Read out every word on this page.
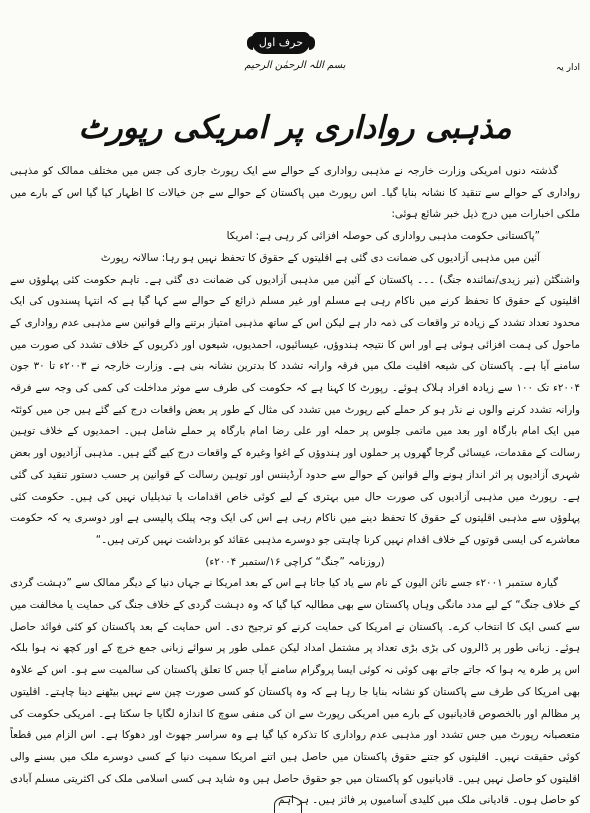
حرف اول
بسم اللہ الرحمٰن الرحیم	ادار یہ
مذہبی رواداری پر امریکی رپورٹ

گذشتہ دنوں امریکی وزارت خارجہ نے مذہبی رواداری کے حوالے سے ایک رپورٹ جاری کی جس میں مختلف ممالک کو مذہبی رواداری کے حوالے سے تنقید کا نشانہ بنایا گیا۔ اس رپورٹ میں پاکستان کے حوالے سے جن خیالات کا اظہار کیا گیا اس کے بارے میں ملکی اخبارات میں درج ذیل خبر شائع ہوئی:

”پاکستانی حکومت مذہبی رواداری کی حوصلہ افزائی کر رہی ہے: امریکا

آئین میں مذہبی آزادیوں کی ضمانت دی گئی ہے اقلیتوں کے حقوق کا تحفظ نہیں ہو رہا: سالانہ رپورٹ

واشنگٹن (نیر زیدی/نمائندہ جنگ) ۔۔۔ پاکستان کے آئین میں مذہبی آزادیوں کی ضمانت دی گئی ہے۔ تاہم حکومت کئی پہلوؤں سے اقلیتوں کے حقوق کا تحفظ کرنے میں ناکام رہی ہے مسلم اور غیر مسلم ذرائع کے حوالے سے کہا گیا ہے کہ انتہا پسندوں کی ایک محدود تعداد تشدد کے زیادہ تر واقعات کی ذمہ دار ہے لیکن اس کے ساتھ مذہبی امتیاز برتنے والے قوانین سے مذہبی عدم رواداری کے ماحول کی ہمت افزائی ہوئی ہے اور اس کا نتیجہ ہندوؤں، عیسائیوں، احمدیوں، شیعوں اور ذکریوں کے خلاف تشدد کی صورت میں سامنے آیا ہے۔ پاکستان کی شیعہ اقلیت ملک میں فرقہ وارانہ تشدد کا بدترین نشانہ بنی ہے۔ وزارت خارجہ نے ۲۰۰۳ء تا ۳۰ جون ۲۰۰۴ء تک ۱۰۰ سے زیادہ افراد ہلاک ہوئے۔ رپورٹ کا کہنا ہے کہ حکومت کی طرف سے موثر مداخلت کی کمی کی وجہ سے فرقہ وارانہ تشدد کرنے والوں نے نڈر ہو کر حملے کیے رپورٹ میں تشدد کی مثال کے طور پر بعض واقعات درج کیے گئے ہیں جن میں کوئٹہ میں ایک امام بارگاہ اور بعد میں ماتمی جلوس پر حملہ اور علی رضا امام بارگاہ پر حملے شامل ہیں۔ احمدیوں کے خلاف توہین رسالت کے مقدمات، عیسائی گرجا گھروں پر حملوں اور ہندوؤں کے اغوا وغیرہ کے واقعات درج کیے گئے ہیں۔ مذہبی آزادیوں اور بعض شہری آزادیوں پر اثر انداز ہونے والے قوانین کے حوالے سے حدود آرڈیننس اور توہین رسالت کے قوانین پر حسب دستور تنقید کی گئی ہے۔ رپورٹ میں مذہبی آزادیوں کی صورت حال میں بہتری کے لیے کوئی خاص اقدامات یا تبدیلیاں نہیں کی ہیں۔ حکومت کئی پہلوؤں سے مذہبی اقلیتوں کے حقوق کا تحفظ دینے میں ناکام رہی ہے اس کی ایک وجہ پبلک پالیسی ہے اور دوسری یہ کہ حکومت معاشرے کی ایسی قوتوں کے خلاف اقدام نہیں کرنا چاہتی جو دوسرے مذہبی عقائد کو برداشت نہیں کرتی ہیں۔“

(روزنامہ ”جنگ“ کراچی ۱۶/ستمبر ۲۰۰۴ء)

گیارہ ستمبر ۲۰۰۱ء جسے نائن الیون کے نام سے یاد کیا جاتا ہے اس کے بعد امریکا نے جہاں دنیا کے دیگر ممالک سے ”دہشت گردی کے خلاف جنگ“ کے لیے مدد مانگی وہاں پاکستان سے بھی مطالبہ کیا گیا کہ وہ دہشت گردی کے خلاف جنگ کی حمایت یا مخالفت میں سے کسی ایک کا انتخاب کرے۔ پاکستان نے امریکا کی حمایت کرنے کو ترجیح دی۔ اس حمایت کے بعد پاکستان کو کئی فوائد حاصل ہوئے۔ زبانی طور پر ڈالروں کی بڑی بڑی تعداد پر مشتمل امداد لیکن عملی طور پر سوائے زبانی جمع خرچ کے اور کچھ نہ ہوا بلکہ اس پر طرہ یہ ہوا کہ جاتے جاتے بھی کوئی نہ کوئی ایسا پروگرام سامنے آیا جس کا تعلق پاکستان کی سالمیت سے ہو۔ اس کے علاوہ بھی امریکا کی طرف سے پاکستان کو نشانہ بنایا جا رہا ہے کہ وہ پاکستان کو کسی صورت چین سے نہیں بیٹھنے دینا چاہتے۔ اقلیتوں پر مظالم اور بالخصوص قادیانیوں کے بارے میں امریکی رپورٹ سے ان کی منفی سوچ کا اندازہ لگایا جا سکتا ہے۔ امریکی حکومت کی متعصبانہ رپورٹ میں جس تشدد اور مذہبی عدم رواداری کا تذکرہ کیا گیا ہے وہ سراسر جھوٹ اور دھوکا ہے۔ اس الزام میں قطعاً کوئی حقیقت نہیں۔ اقلیتوں کو جتنے حقوق پاکستان میں حاصل ہیں اتنے امریکا سمیت دنیا کے کسی دوسرے ملک میں بسنے والی اقلیتوں کو حاصل نہیں ہیں۔ قادیانیوں کو پاکستان میں جو حقوق حاصل ہیں وہ شاید ہی کسی اسلامی ملک کی اکثریتی مسلم آبادی کو حاصل ہوں۔ قادیانی ملک میں کلیدی آسامیوں پر فائز ہیں۔ ہر اہم
